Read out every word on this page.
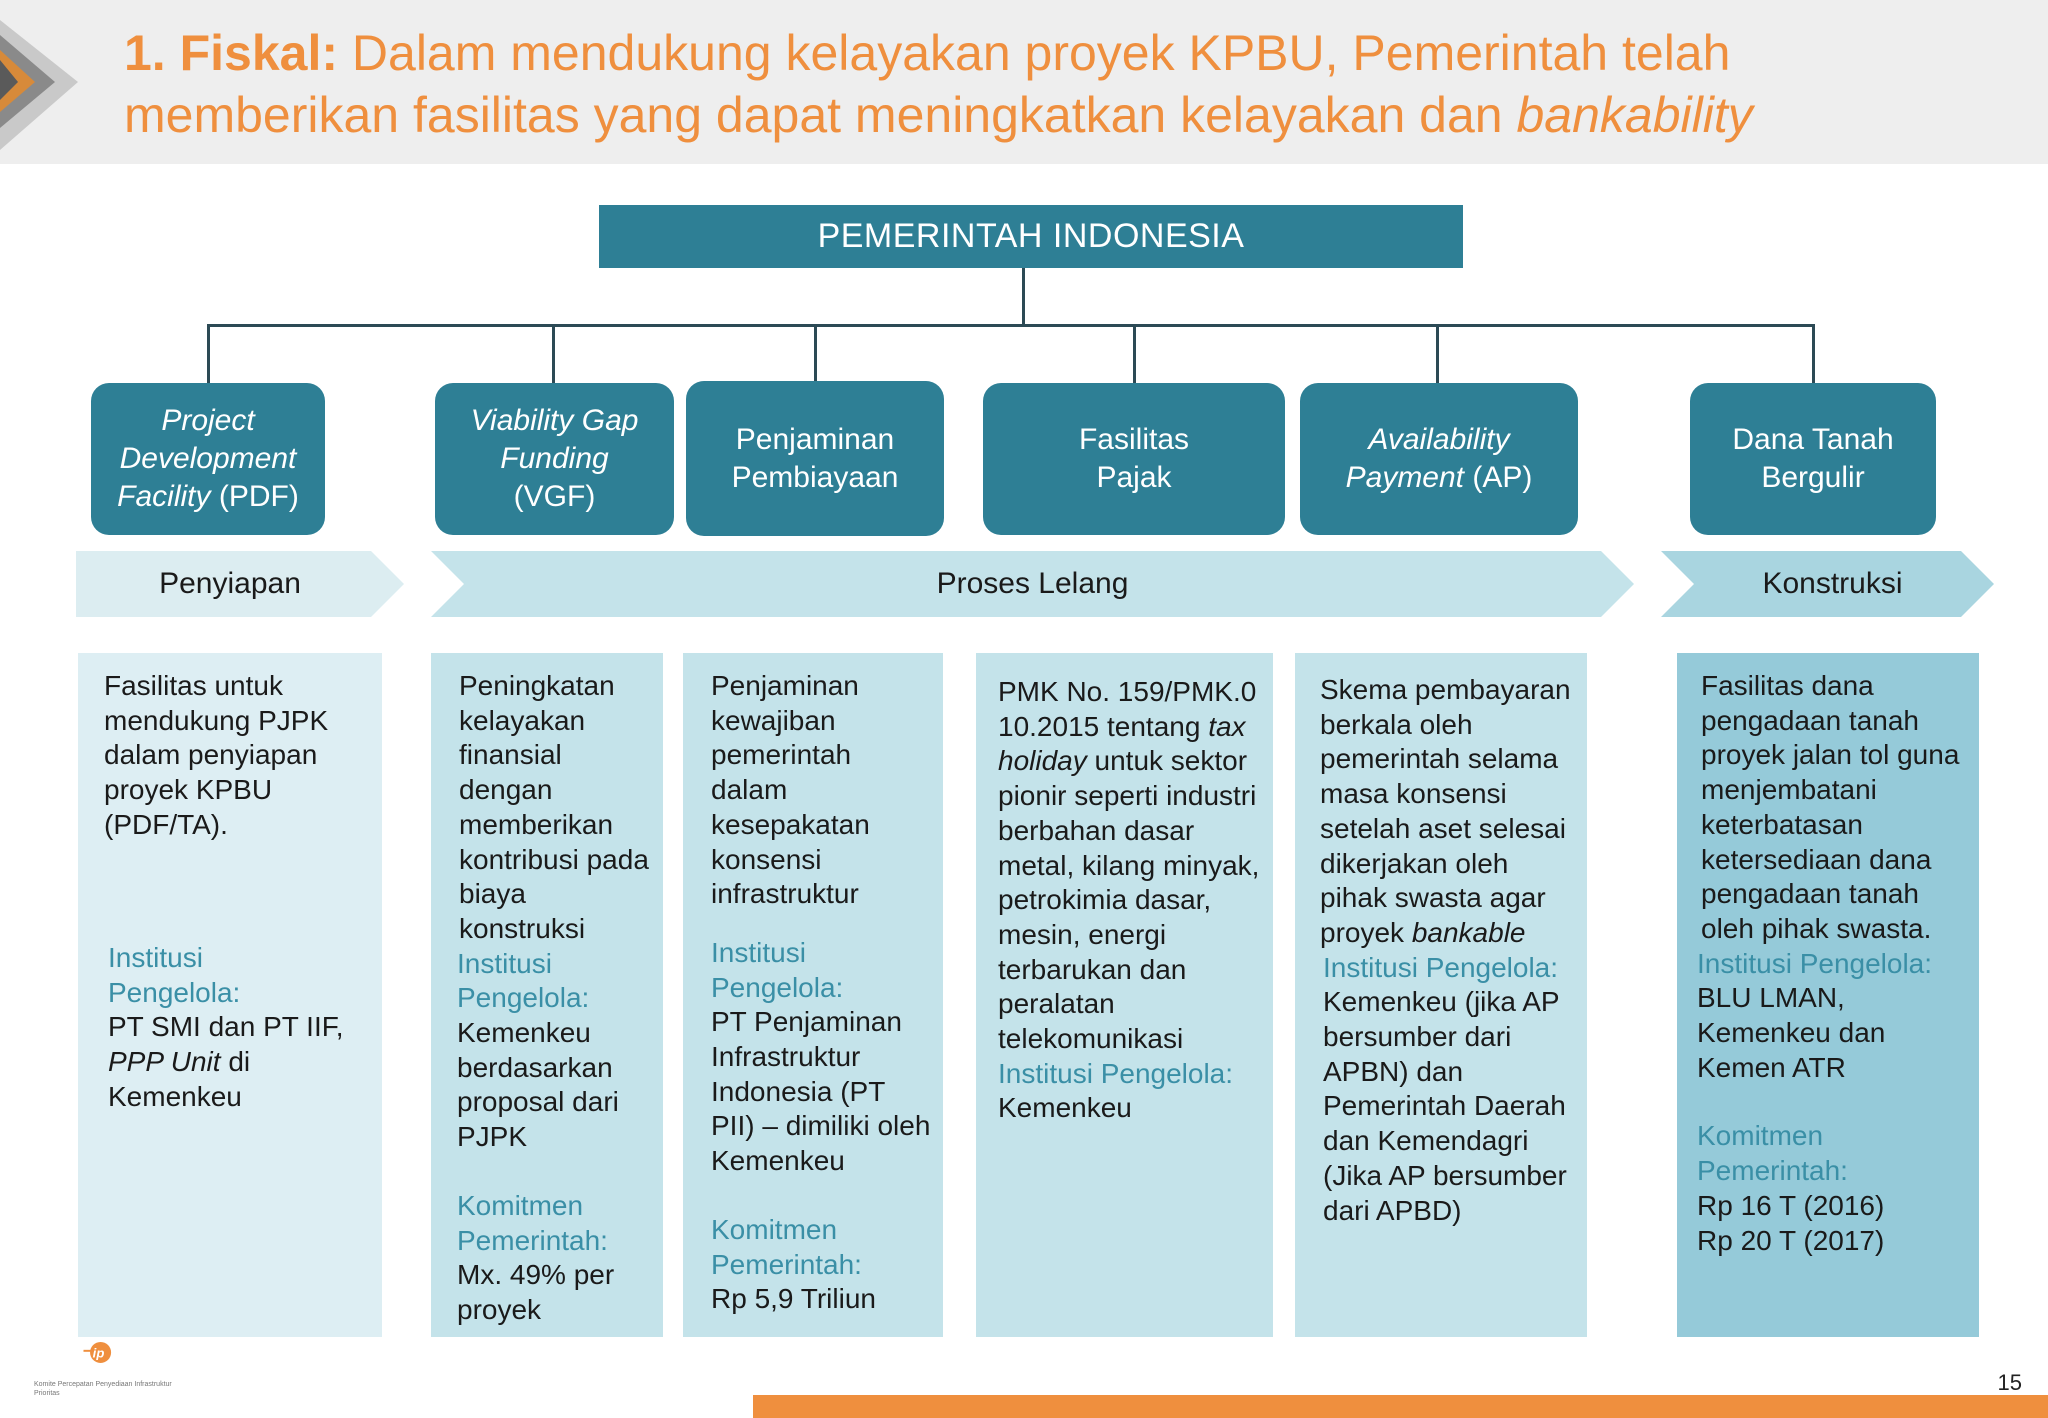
1. Fiskal: Dalam mendukung kelayakan proyek KPBU, Pemerintah telah
memberikan fasilitas yang dapat meningkatkan kelayakan dan bankability
PEMERINTAH INDONESIA
Project Development Facility (PDF)
Viability Gap Funding
(VGF)
Penjaminan Pembiayaan
Fasilitas Pajak
Availability Payment (AP)
Dana Tanah Bergulir
Penyiapan	Proses Lelang	Konstruksi

Fasilitas untuk mendukung PJPK dalam penyiapan proyek KPBU (PDF/TA).

Institusi Pengelola:

PT SMI dan PT IIF, PPP Unit di Kemenkeu

Peningkatan kelayakan finansial dengan memberikan kontribusi pada biaya konstruksi

Institusi Pengelola:

Kemenkeu berdasarkan proposal dari PJPK

Komitmen Pemerintah:

Mx. 49% per proyek

Penjaminan kewajiban pemerintah dalam kesepakatan konsensi infrastruktur

Institusi Pengelola:

PT Penjaminan Infrastruktur Indonesia (PT PII) – dimiliki oleh Kemenkeu

Komitmen Pemerintah:

Rp 5,9 Triliun

PMK No. 159/PMK.010.2015 tentang tax holiday untuk sektor pionir seperti industri berbahan dasar metal, kilang minyak, petrokimia dasar, mesin, energi terbarukan dan peralatan telekomunikasi

Institusi Pengelola:

Kemenkeu

Skema pembayaran berkala oleh pemerintah selama masa konsensi setelah aset selesai dikerjakan oleh pihak swasta agar proyek bankable

Institusi Pengelola:

Kemenkeu (jika AP bersumber dari APBN) dan Pemerintah Daerah dan Kemendagri (Jika AP bersumber dari APBD)

Fasilitas dana pengadaan tanah proyek jalan tol guna menjembatani keterbatasan ketersediaan dana pengadaan tanah oleh pihak swasta.

Institusi Pengelola:

BLU LMAN, Kemenkeu dan Kemen ATR

Komitmen Pemerintah:

Rp 16 T (2016)

Rp 20 T (2017)

ip
Komite Percepatan Penyediaan Infrastruktur Prioritas	15
